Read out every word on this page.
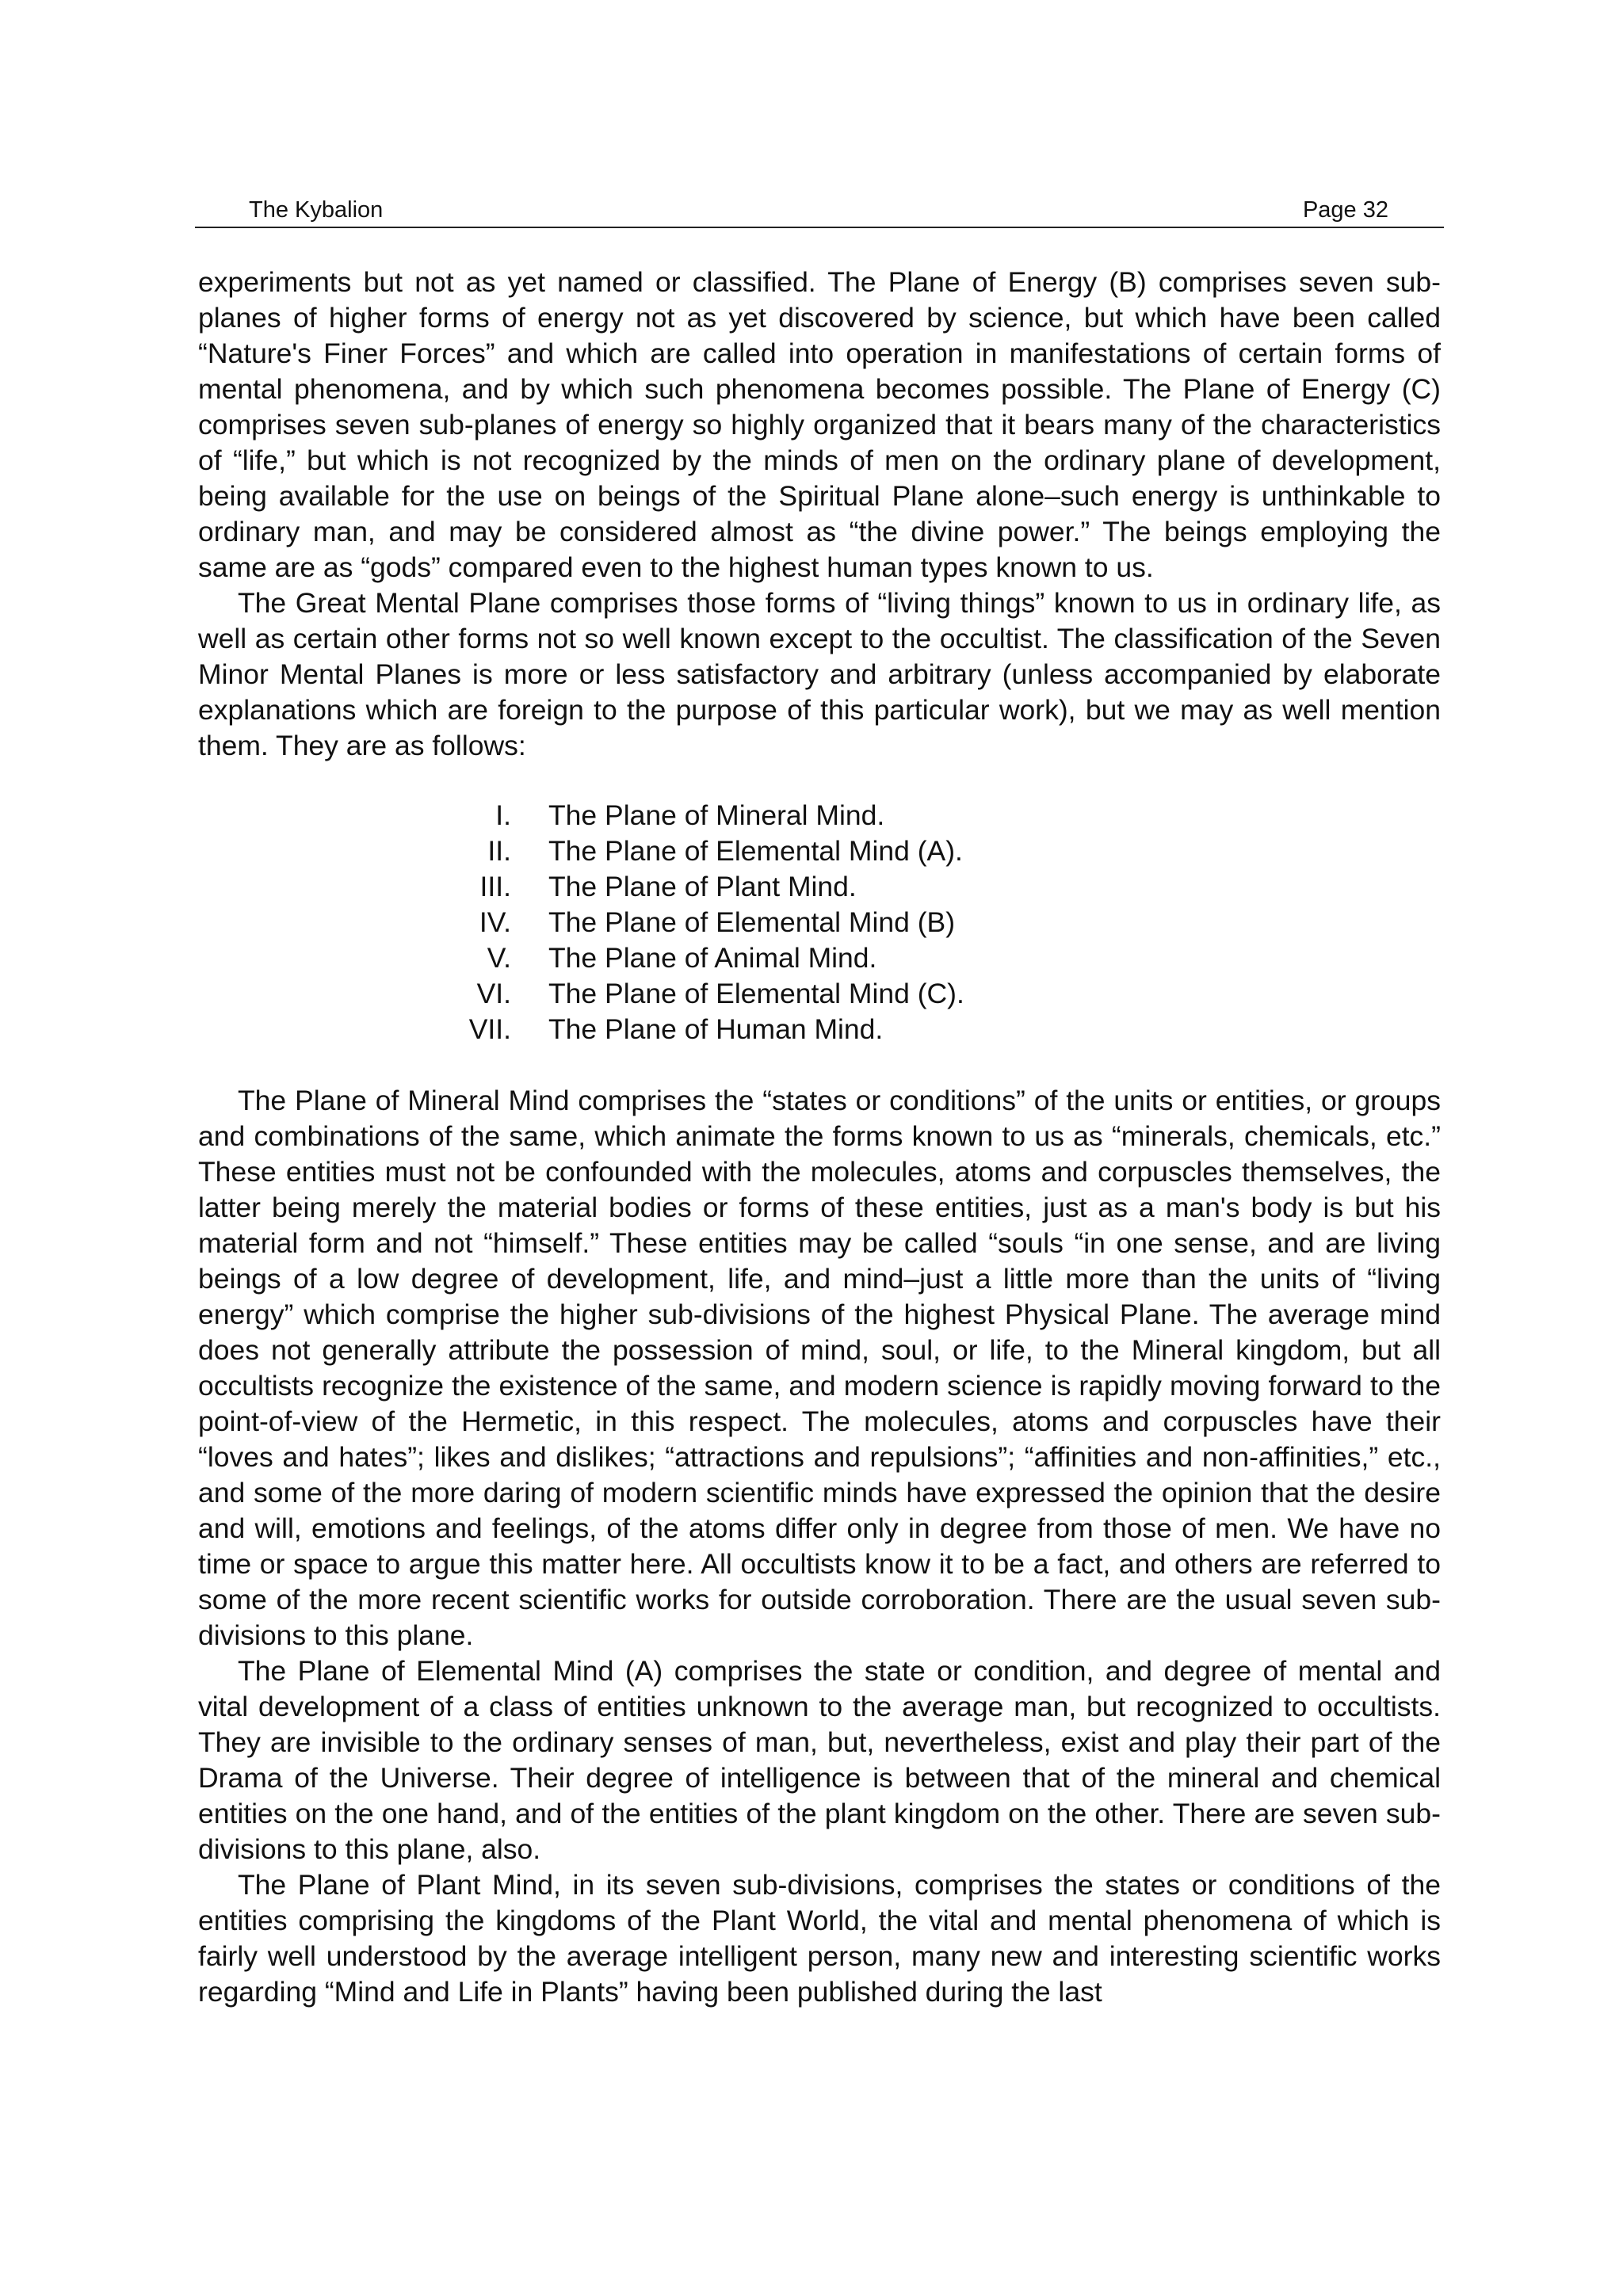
The Kybalion	Page 32

experiments but not as yet named or classified. The Plane of Energy (B) comprises seven sub-planes of higher forms of energy not as yet discovered by science, but which have been called “Nature's Finer Forces” and which are called into operation in manifestations of certain forms of mental phenomena, and by which such phenomena becomes possible. The Plane of Energy (C) comprises seven sub-planes of energy so highly organized that it bears many of the characteristics of “life,” but which is not recognized by the minds of men on the ordinary plane of development, being available for the use on beings of the Spiritual Plane alone–such energy is unthinkable to ordinary man, and may be considered almost as “the divine power.” The beings employing the same are as “gods” compared even to the highest human types known to us.

The Great Mental Plane comprises those forms of “living things” known to us in ordinary life, as well as certain other forms not so well known except to the occultist. The classification of the Seven Minor Mental Planes is more or less satisfactory and arbitrary (unless accompanied by elaborate explanations which are foreign to the purpose of this particular work), but we may as well mention them. They are as follows:

I. The Plane of Mineral Mind.
II. The Plane of Elemental Mind (A).
III. The Plane of Plant Mind.
IV. The Plane of Elemental Mind (B)
V. The Plane of Animal Mind.
VI. The Plane of Elemental Mind (C).
VII. The Plane of Human Mind.

The Plane of Mineral Mind comprises the “states or conditions” of the units or entities, or groups and combinations of the same, which animate the forms known to us as “minerals, chemicals, etc.” These entities must not be confounded with the molecules, atoms and corpuscles themselves, the latter being merely the material bodies or forms of these entities, just as a man's body is but his material form and not “himself.” These entities may be called “souls “in one sense, and are living beings of a low degree of development, life, and mind–just a little more than the units of “living energy” which comprise the higher sub-divisions of the highest Physical Plane. The average mind does not generally attribute the possession of mind, soul, or life, to the Mineral kingdom, but all occultists recognize the existence of the same, and modern science is rapidly moving forward to the point-of-view of the Hermetic, in this respect. The molecules, atoms and corpuscles have their “loves and hates”; likes and dislikes; “attractions and repulsions”; “affinities and non-affinities,” etc., and some of the more daring of modern scientific minds have expressed the opinion that the desire and will, emotions and feelings, of the atoms differ only in degree from those of men. We have no time or space to argue this matter here. All occultists know it to be a fact, and others are referred to some of the more recent scientific works for outside corroboration. There are the usual seven sub-divisions to this plane.

The Plane of Elemental Mind (A) comprises the state or condition, and degree of mental and vital development of a class of entities unknown to the average man, but recognized to occultists. They are invisible to the ordinary senses of man, but, nevertheless, exist and play their part of the Drama of the Universe. Their degree of intelligence is between that of the mineral and chemical entities on the one hand, and of the entities of the plant kingdom on the other. There are seven sub-divisions to this plane, also.

The Plane of Plant Mind, in its seven sub-divisions, comprises the states or conditions of the entities comprising the kingdoms of the Plant World, the vital and mental phenomena of which is fairly well understood by the average intelligent person, many new and interesting scientific works regarding “Mind and Life in Plants” having been published during the last
